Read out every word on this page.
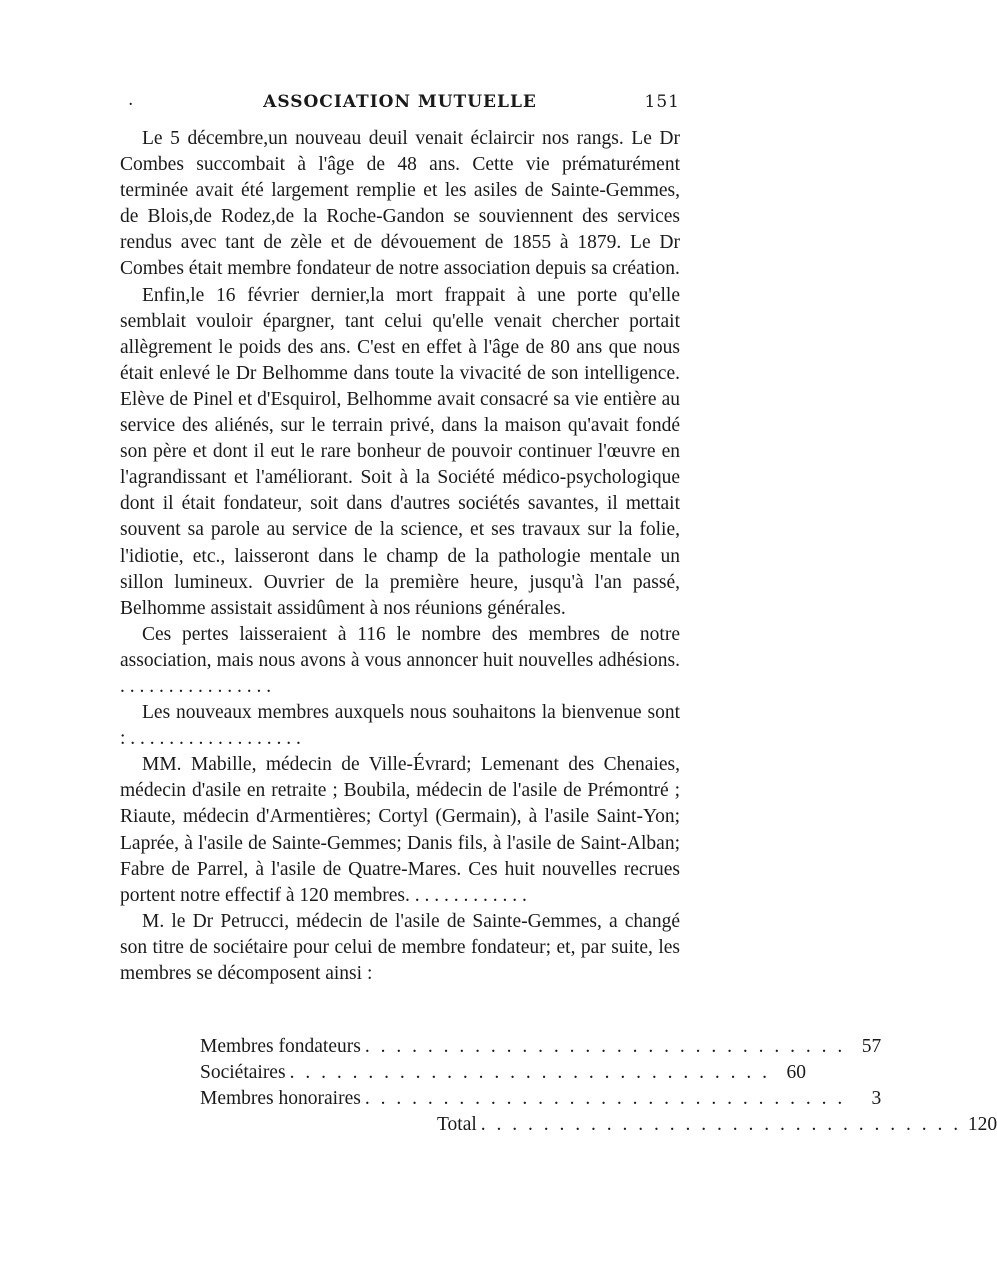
.	ASSOCIATION MUTUELLE	151

Le 5 décembre,un nouveau deuil venait éclaircir nos rangs. Le Dr Combes succombait à l'âge de 48 ans. Cette vie prématurément terminée avait été largement remplie et les asiles de Sainte-Gemmes, de Blois,de Rodez,de la Roche-Gandon se souviennent des services rendus avec tant de zèle et de dévouement de 1855 à 1879. Le Dr Combes était membre fondateur de notre association depuis sa création.

Enfin,le 16 février dernier,la mort frappait à une porte qu'elle semblait vouloir épargner, tant celui qu'elle venait chercher portait allègrement le poids des ans. C'est en effet à l'âge de 80 ans que nous était enlevé le Dr Belhomme dans toute la vivacité de son intelligence. Elève de Pinel et d'Esquirol, Belhomme avait consacré sa vie entière au service des aliénés, sur le terrain privé, dans la maison qu'avait fondé son père et dont il eut le rare bonheur de pouvoir continuer l'œuvre en l'agrandissant et l'améliorant. Soit à la Société médico-psychologique dont il était fondateur, soit dans d'autres sociétés savantes, il mettait souvent sa parole au service de la science, et ses travaux sur la folie, l'idiotie, etc., laisseront dans le champ de la pathologie mentale un sillon lumineux. Ouvrier de la première heure, jusqu'à l'an passé, Belhomme assistait assidûment à nos réunions générales.

Ces pertes laisseraient à 116 le nombre des membres de notre association, mais nous avons à vous annoncer huit nouvelles adhésions. . . . . . . . . . . . . . . . .

Les nouveaux membres auxquels nous souhaitons la bienvenue sont : . . . . . . . . . . . . . . . . . .

MM. Mabille, médecin de Ville-Évrard; Lemenant des Chenaies, médecin d'asile en retraite ; Boubila, médecin de l'asile de Prémontré ; Riaute, médecin d'Armentières; Cortyl (Germain), à l'asile Saint-Yon; Laprée, à l'asile de Sainte-Gemmes; Danis fils, à l'asile de Saint-Alban; Fabre de Parrel, à l'asile de Quatre-Mares. Ces huit nouvelles recrues portent notre effectif à 120 membres. . . . . . . . . . . . .

M. le Dr Petrucci, médecin de l'asile de Sainte-Gemmes, a changé son titre de sociétaire pour celui de membre fondateur; et, par suite, les membres se décomposent ainsi :

Membres fondateurs . . . . . . . . . . . . . . . . . . . . . . . . . . . . . . . 57
Sociétaires . . . . . . . . . . . . . . . . . . . . . . . . . . . . . . . 60
Membres honoraires . . . . . . . . . . . . . . . . . . . . . . . . . . . . . . .	3
Total . . . . . . . . . . . . . . . . . . . . . . . . . . . . . . . 120
